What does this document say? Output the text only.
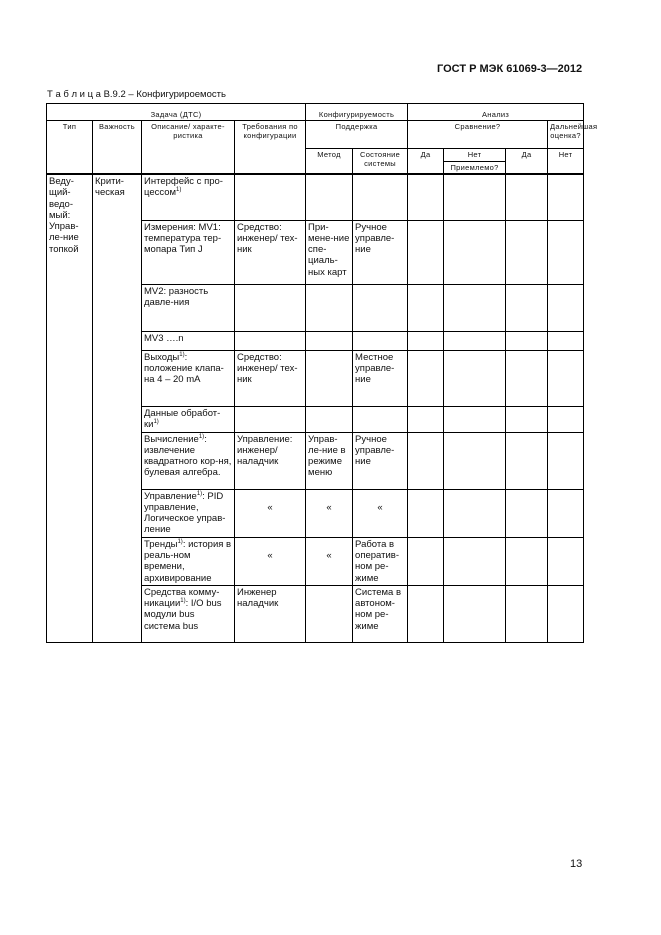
ГОСТ Р МЭК 61069-3—2012
Т а б л и ц а B.9.2 – Конфигурироемость
Задача (ДТС)				Конфигурируемость		Анализ			
Тип	Важность	Описание/ характе-ристика	Требования по конфигурации	Поддержка		Сравнение?			Дальнейшая оценка?
				Метод	Состояние системы	Да	Нет	Да	Нет
							Приемлемо?		
Веду-щий-ведо-мый: Управ-ле-ние топкой	Крити-ческая	Интерфейс с про-цессом$^{1)}$							
		Измерения: MV1: температура тер-мопара Тип J	Средство: инженер/ тех-ник	При-мене-ние спе-циаль-ных карт	Ручное управле-ние				
		MV2: разность давле-ния							
		MV3 ….n							
		Выходы$^{1)}$: положение клапа-на 4 – 20 mA	Средство: инженер/ тех-ник		Местное управле-ние				
		Данные обработ-$ки^{1)}$							
		Вычисление$^{1)}$: извлечение квадратного кор-ня, булевая алгебра.	Управление: инженер/ наладчик	Управ-ле-ние в режиме меню	Ручное управле-ние				
		Управление$^{1)}$: PID управление, Логическое управ-ление	«	«	«				
		Тренды$^{1)}$: история в реаль-ном времени, архивирование	«	«	Работа в оператив-ном ре-жиме				
		Средства комму-никации$^{1)}$: I/O bus модули bus система bus	Инженер наладчик		Система в автоном-ном ре-жиме				
13
